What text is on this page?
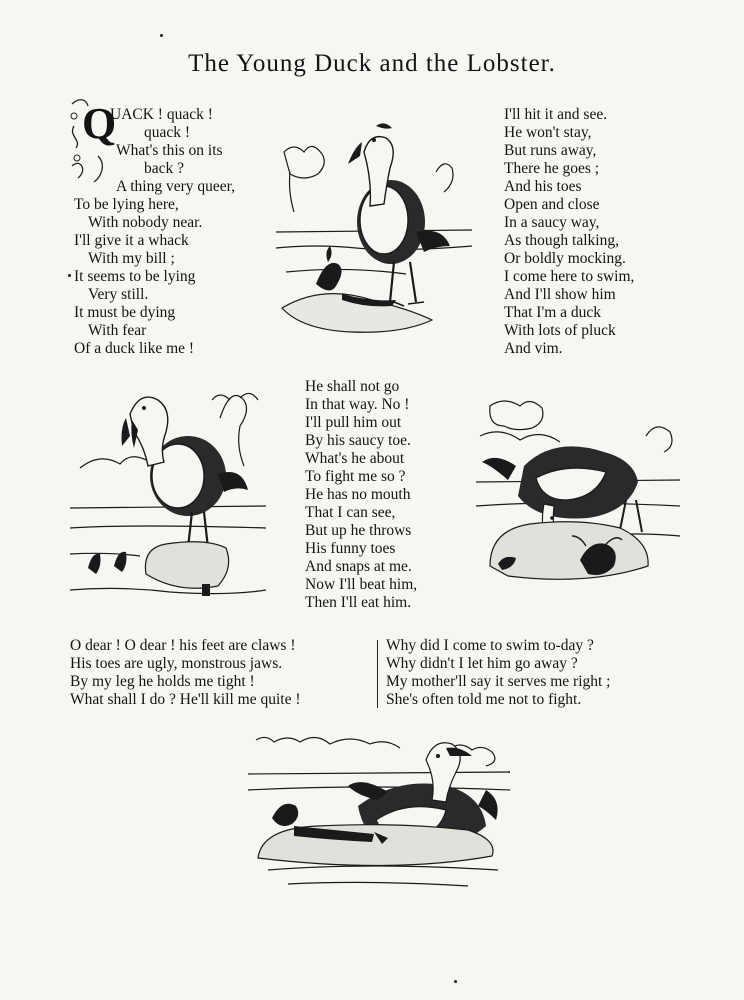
The Young Duck and the Lobster.
Q
UACK ! quack !
quack !
What's this on its
back ?
A thing very queer,
To be lying here,
With nobody near.
I'll give it a whack
With my bill ;
It seems to be lying
Very still.
It must be dying
With fear
Of a duck like me !
I'll hit it and see.
He won't stay,
But runs away,
There he goes ;
And his toes
Open and close
In a saucy way,
As though talking,
Or boldly mocking.
I come here to swim,
And I'll show him
That I'm a duck
With lots of pluck
And vim.
He shall not go
In that way. No !
I'll pull him out
By his saucy toe.
What's he about
To fight me so ?
He has no mouth
That I can see,
But up he throws
His funny toes
And snaps at me.
Now I'll beat him,
Then I'll eat him.
O dear ! O dear ! his feet are claws !
His toes are ugly, monstrous jaws.
By my leg he holds me tight !
What shall I do ? He'll kill me quite !
Why did I come to swim to-day ?
Why didn't I let him go away ?
My mother'll say it serves me right ;
She's often told me not to fight.
